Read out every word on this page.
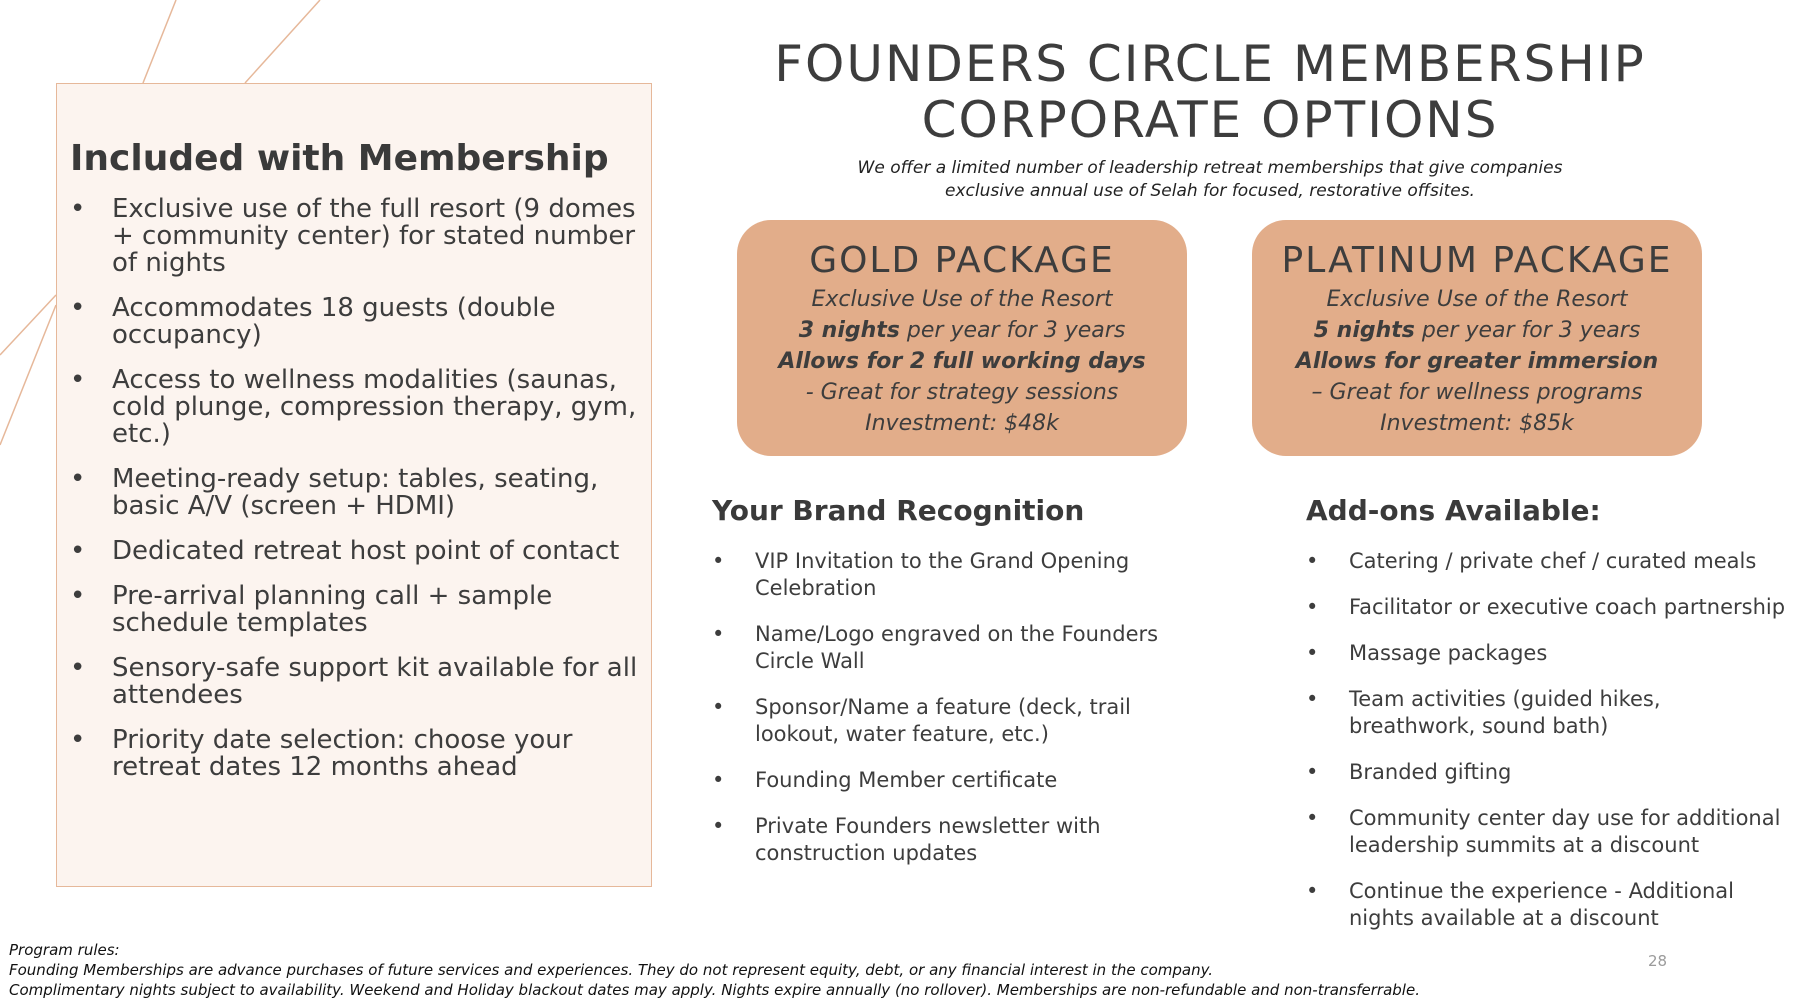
Included with Membership
• Exclusive use of the full resort (9 domes + community center) for stated number of nights
• Accommodates 18 guests (double occupancy)
• Access to wellness modalities (saunas, cold plunge, compression therapy, gym, etc.)
• Meeting-ready setup: tables, seating, basic A/V (screen + HDMI)
• Dedicated retreat host point of contact
• Pre-arrival planning call + sample schedule templates
• Sensory-safe support kit available for all attendees
• Priority date selection: choose your retreat dates 12 months ahead
FOUNDERS CIRCLE MEMBERSHIP
CORPORATE OPTIONS
We offer a limited number of leadership retreat memberships that give companies
exclusive annual use of Selah for focused, restorative offsites.
GOLD PACKAGE
Exclusive Use of the Resort
3 nights per year for 3 years
Allows for 2 full working days
- Great for strategy sessions
Investment: $48k
PLATINUM PACKAGE
Exclusive Use of the Resort
5 nights per year for 3 years
Allows for greater immersion
– Great for wellness programs
Investment: $85k
Your Brand Recognition
• VIP Invitation to the Grand Opening Celebration
• Name/Logo engraved on the Founders Circle Wall
• Sponsor/Name a feature (deck, trail lookout, water feature, etc.)
• Founding Member certificate
• Private Founders newsletter with construction updates
Add-ons Available:
• Catering / private chef / curated meals
• Facilitator or executive coach partnership
• Massage packages
• Team activities (guided hikes, breathwork, sound bath)
• Branded gifting
• Community center day use for additional leadership summits at a discount
• Continue the experience - Additional nights available at a discount
Program rules:
Founding Memberships are advance purchases of future services and experiences. They do not represent equity, debt, or any financial interest in the company.
Complimentary nights subject to availability. Weekend and Holiday blackout dates may apply. Nights expire annually (no rollover). Memberships are non-refundable and non-transferrable.
28
